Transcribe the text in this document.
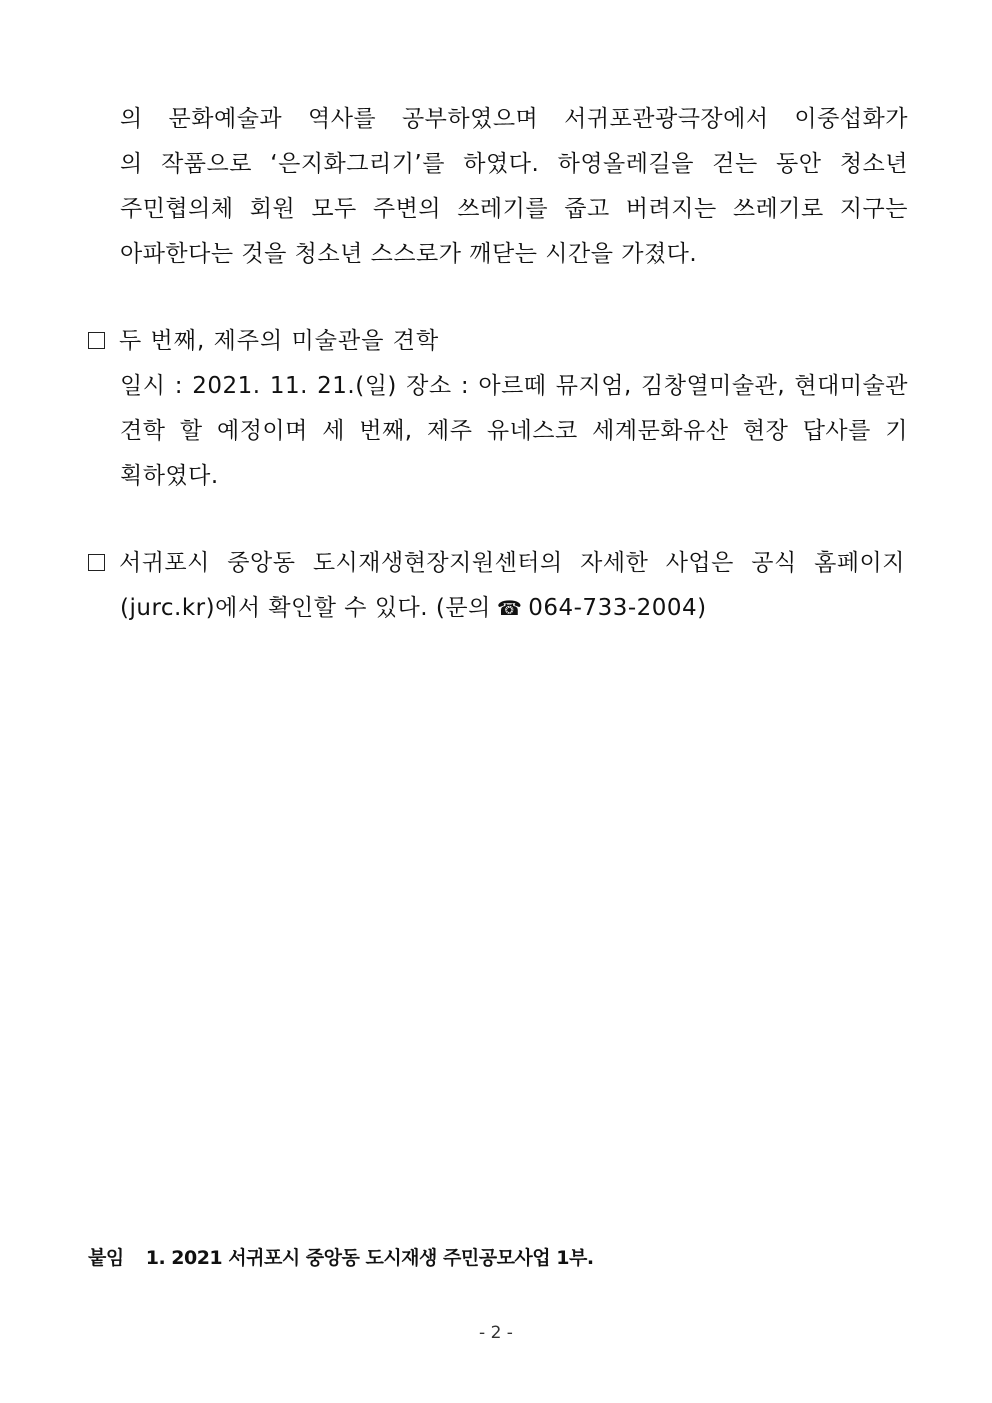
의 문화예술과 역사를 공부하였으며 서귀포관광극장에서 이중섭화가
의 작품으로 ‘은지화그리기’를 하였다. 하영올레길을 걷는 동안 청소년
주민협의체 회원 모두 주변의 쓰레기를 줍고 버려지는 쓰레기로 지구는
아파한다는 것을 청소년 스스로가 깨닫는 시간을 가졌다.
두 번째, 제주의 미술관을 견학
일시 : 2021. 11. 21.(일) 장소 : 아르떼 뮤지엄, 김창열미술관, 현대미술관
견학 할 예정이며 세 번째, 제주 유네스코 세계문화유산 현장 답사를 기
획하였다.
서귀포시 중앙동 도시재생현장지원센터의 자세한 사업은 공식 홈페이지
(jurc.kr)에서 확인할 수 있다. (문의 ☎ 064-733-2004)
붙임 1. 2021 서귀포시 중앙동 도시재생 주민공모사업 1부.
- 2 -
